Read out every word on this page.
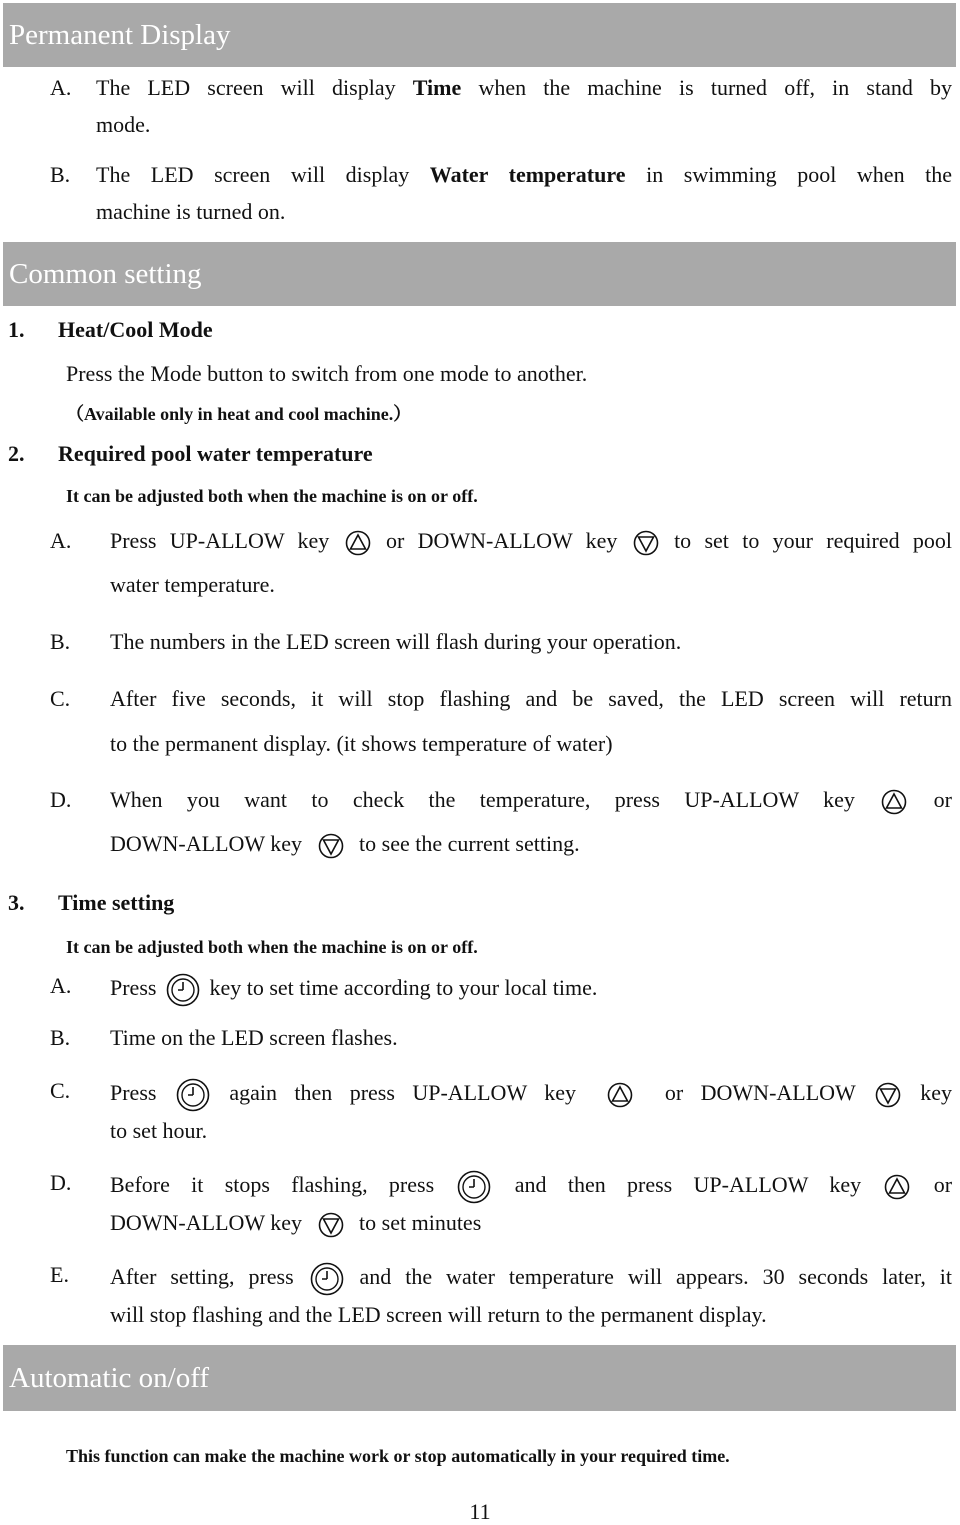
Permanent Display
A. The LED screen will display Time when the machine is turned off, in stand by
mode.
B. The LED screen will display Water temperature in swimming pool when the
machine is turned on.
Common setting
1. Heat/Cool Mode
Press the Mode button to switch from one mode to another.
（Available only in heat and cool machine.）
2. Required pool water temperature
It can be adjusted both when the machine is on or off.
A. Press UP-ALLOW key	or DOWN-ALLOW key	to set to your required pool
water temperature.
B. The numbers in the LED screen will flash during your operation.
C. After five seconds, it will stop flashing and be saved, the LED screen will return
to the permanent display. (it shows temperature of water)
D. When you want to check the temperature, press UP-ALLOW key	or
DOWN-ALLOW key	to see the current setting.
3. Time setting
It can be adjusted both when the machine is on or off.
A. Press key to set time according to your local time.
B. Time on the LED screen flashes.
C. Press	again then press UP-ALLOW key	or DOWN-ALLOW	key
to set hour.
D. Before it stops flashing, press	and then press UP-ALLOW key	or
DOWN-ALLOW key	to set minutes
E. After setting, press	and the water temperature will appears. 30 seconds later, it
will stop flashing and the LED screen will return to the permanent display.
Automatic on/off
This function can make the machine work or stop automatically in your required time.
11
